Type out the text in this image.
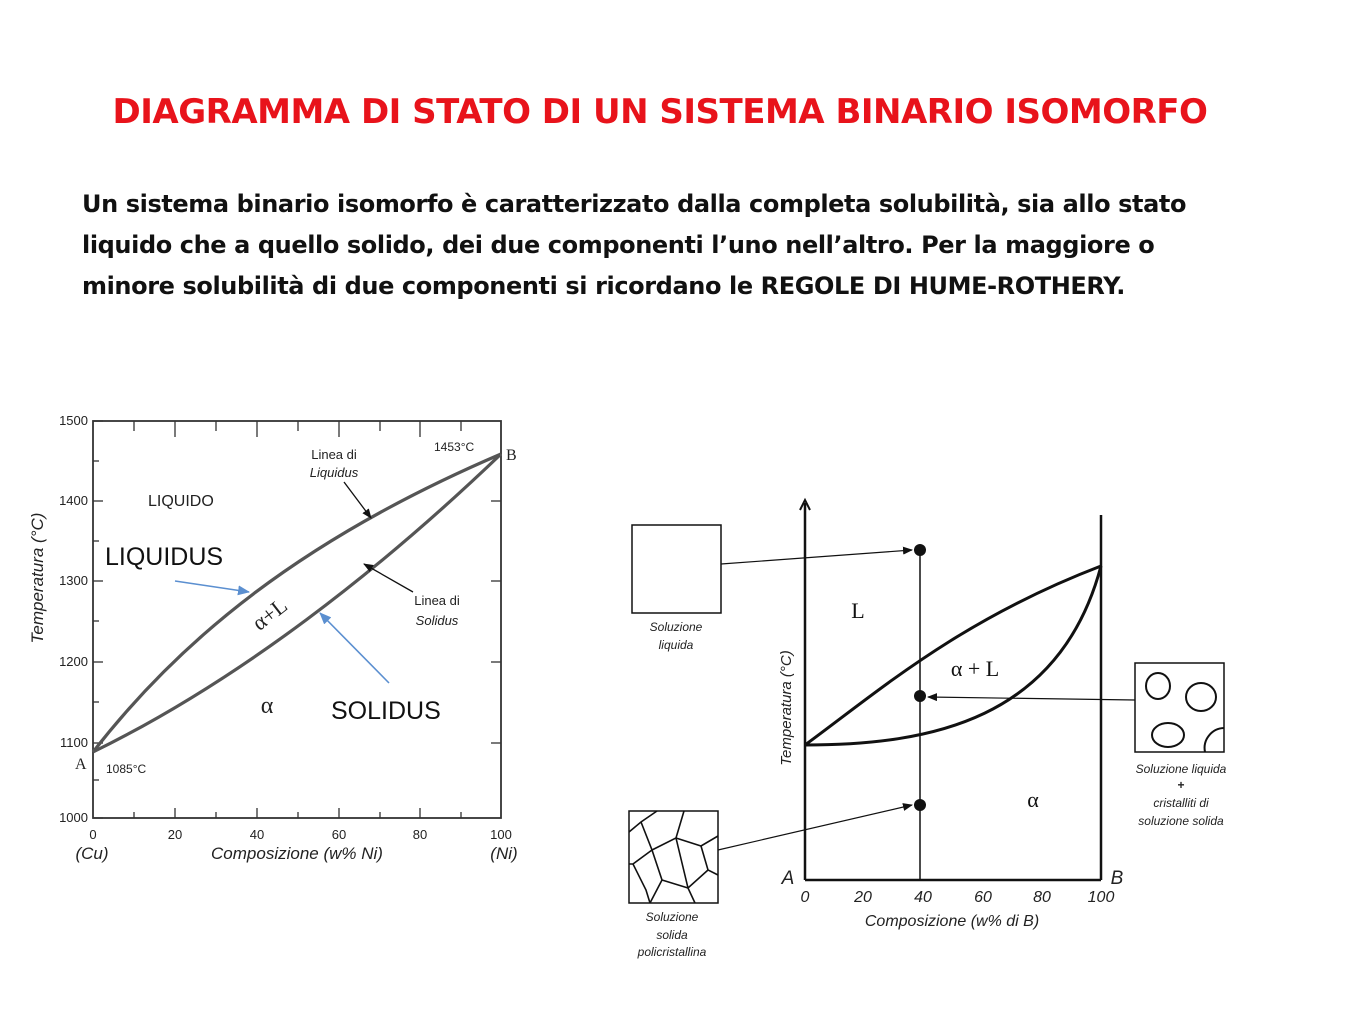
DIAGRAMMA DI STATO DI UN SISTEMA BINARIO ISOMORFO
Un sistema binario isomorfo è caratterizzato dalla completa solubilità, sia allo stato
liquido che a quello solido, dei due componenti l’uno nell’altro. Per la maggiore o
minore solubilità di due componenti si ricordano le REGOLE DI HUME-ROTHERY.
1500
1400
1300
1200
1100
1000
0	20	40	60	80	100
(Cu)	(Ni)
Composizione (w% Ni)
Temperatura (°C)
A
B
1085°C
1453°C
LIQUIDO
α+L
α
Linea di
Liquidus
Linea di
Solidus
LIQUIDUS
SOLIDUS
L
α + L
α
0	20	40	60	80 100
Composizione (w% di B)
Temperatura (°C)
A	B
Soluzione
liquida
Soluzione liquida
+
cristalliti di
soluzione solida
Soluzione
solida
policristallina
